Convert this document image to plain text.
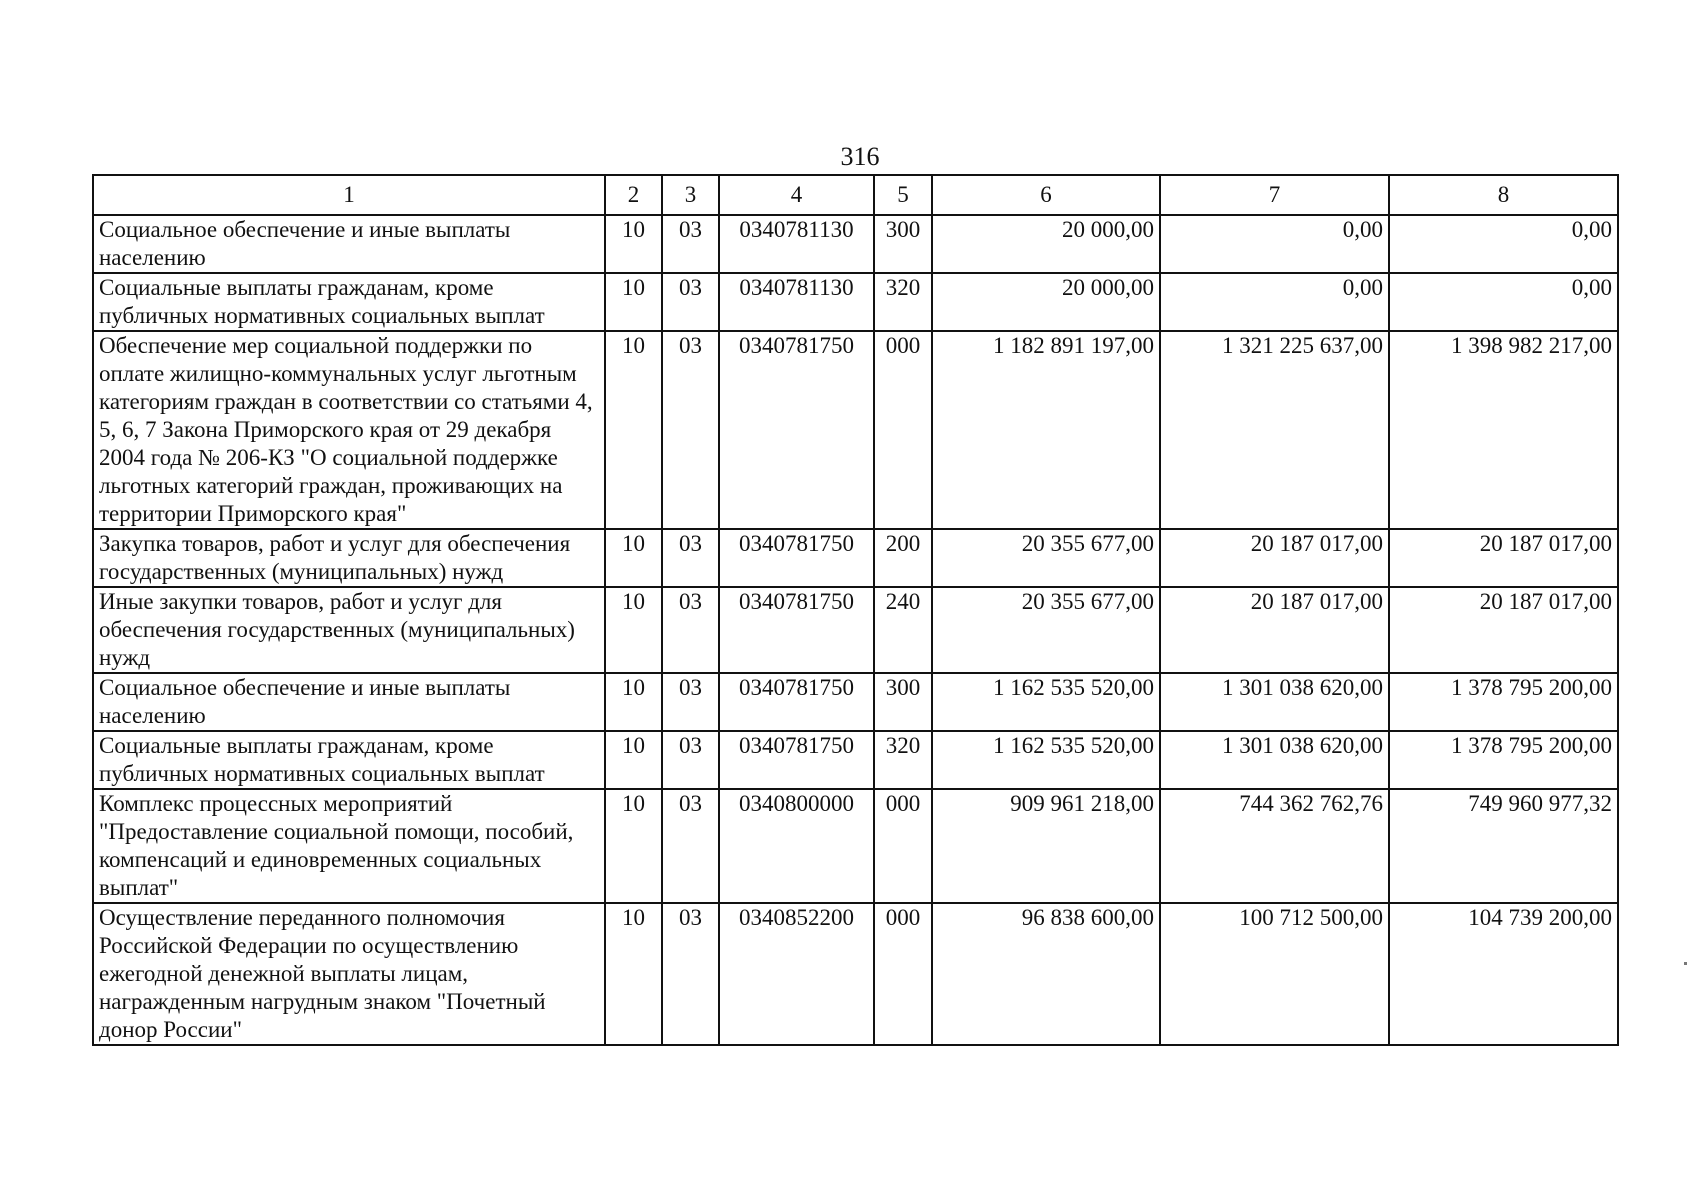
316
1	2	3	4	5	6	7	8
Социальное обеспечение и иные выплаты населению	10	03	0340781130	300	20 000,00	0,00	0,00
Социальные выплаты гражданам, кроме публичных нормативных социальных выплат	10	03	0340781130	320	20 000,00	0,00	0,00
Обеспечение мер социальной поддержки по оплате жилищно-коммунальных услуг льготным категориям граждан в соответствии со статьями 4, 5, 6, 7 Закона Приморского края от 29 декабря 2004 года № 206-КЗ "О социальной поддержке льготных категорий граждан, проживающих на территории Приморского края"	10	03	0340781750	000	1 182 891 197,00	1 321 225 637,00	1 398 982 217,00
Закупка товаров, работ и услуг для обеспечения государственных (муниципальных) нужд	10	03	0340781750	200	20 355 677,00	20 187 017,00	20 187 017,00
Иные закупки товаров, работ и услуг для обеспечения государственных (муниципальных) нужд	10	03	0340781750	240	20 355 677,00	20 187 017,00	20 187 017,00
Социальное обеспечение и иные выплаты населению	10	03	0340781750	300	1 162 535 520,00	1 301 038 620,00	1 378 795 200,00
Социальные выплаты гражданам, кроме публичных нормативных социальных выплат	10	03	0340781750	320	1 162 535 520,00	1 301 038 620,00	1 378 795 200,00
Комплекс процессных мероприятий "Предоставление социальной помощи, пособий, компенсаций и единовременных социальных выплат"	10	03	0340800000	000	909 961 218,00	744 362 762,76	749 960 977,32
Осуществление переданного полномочия Российской Федерации по осуществлению ежегодной денежной выплаты лицам, награжденным нагрудным знаком "Почетный донор России"	10	03	0340852200	000	96 838 600,00	100 712 500,00	104 739 200,00
